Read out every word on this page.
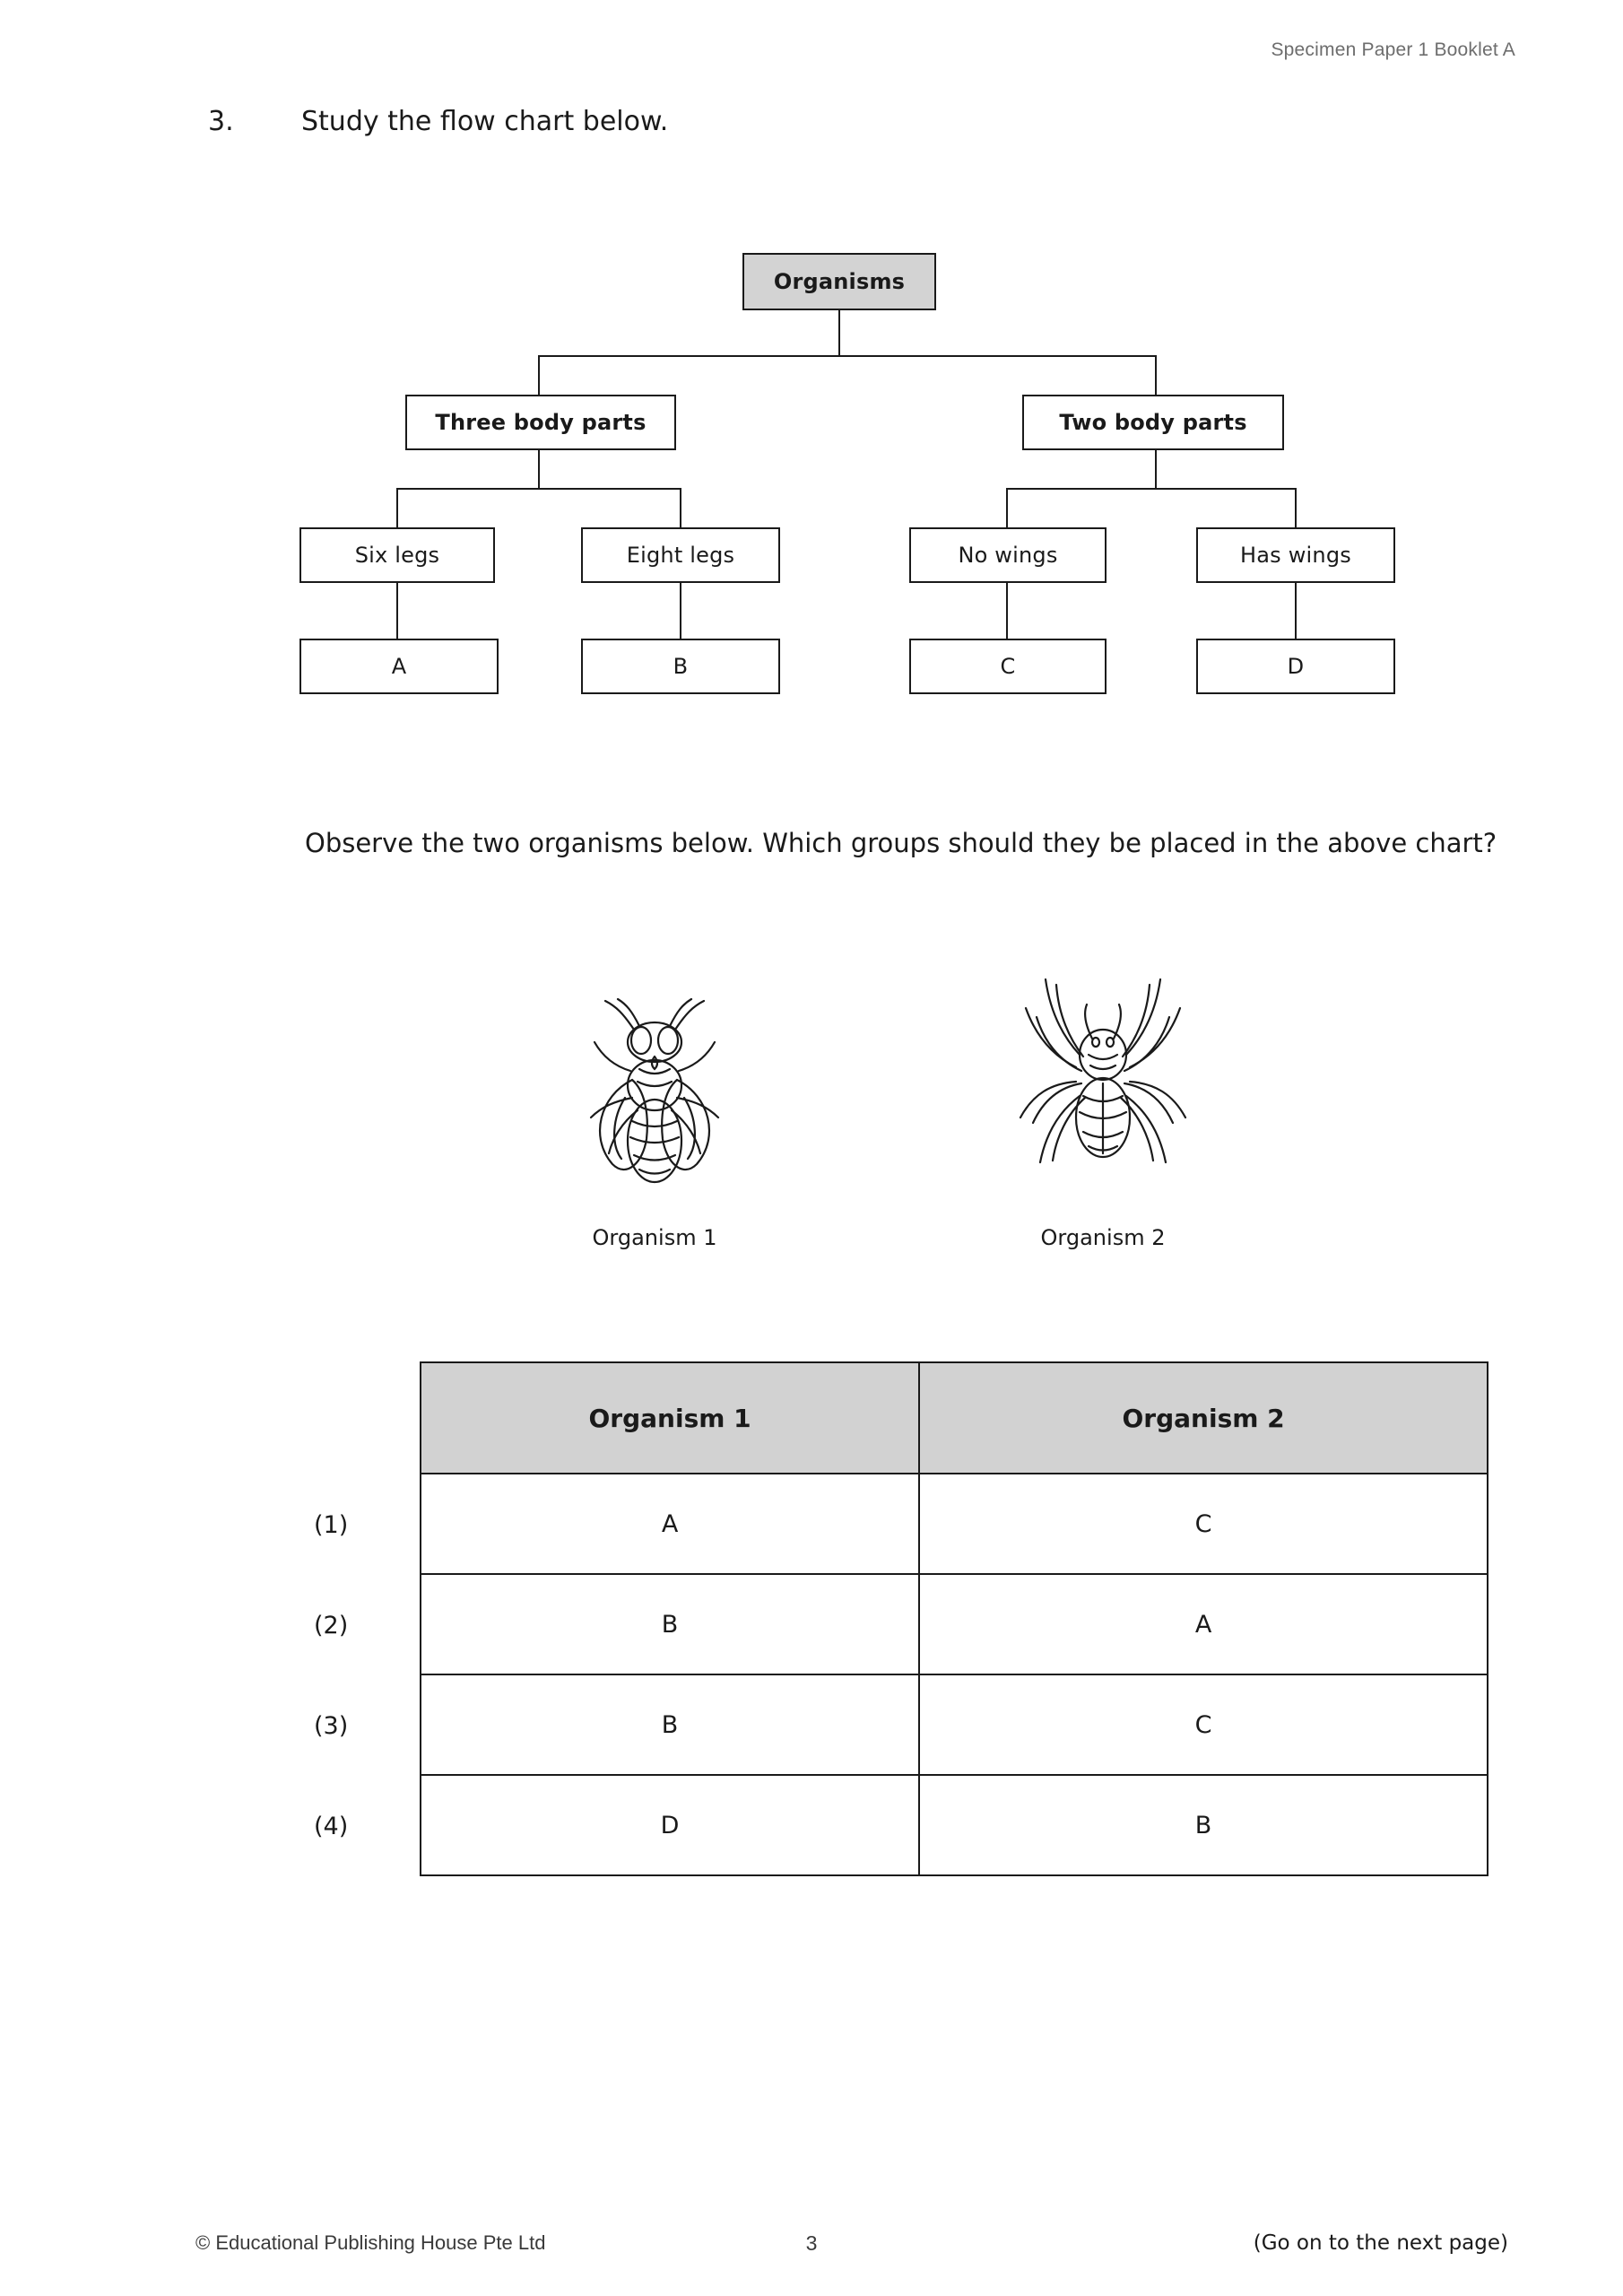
Specimen Paper 1 Booklet A
3.	Study the flow chart below.
Organisms
Three body parts	Two body parts
Six legs	Eight legs	No wings	Has wings
A	B	C	D
Observe the two organisms below. Which groups should they be placed in the above chart?
Organism 1	Organism 2
Organism 1	Organism 2
(1)	A	C
(2)	B	A
(3)	B	C
(4)	D	B
© Educational Publishing House Pte Ltd	3	(Go on to the next page)
